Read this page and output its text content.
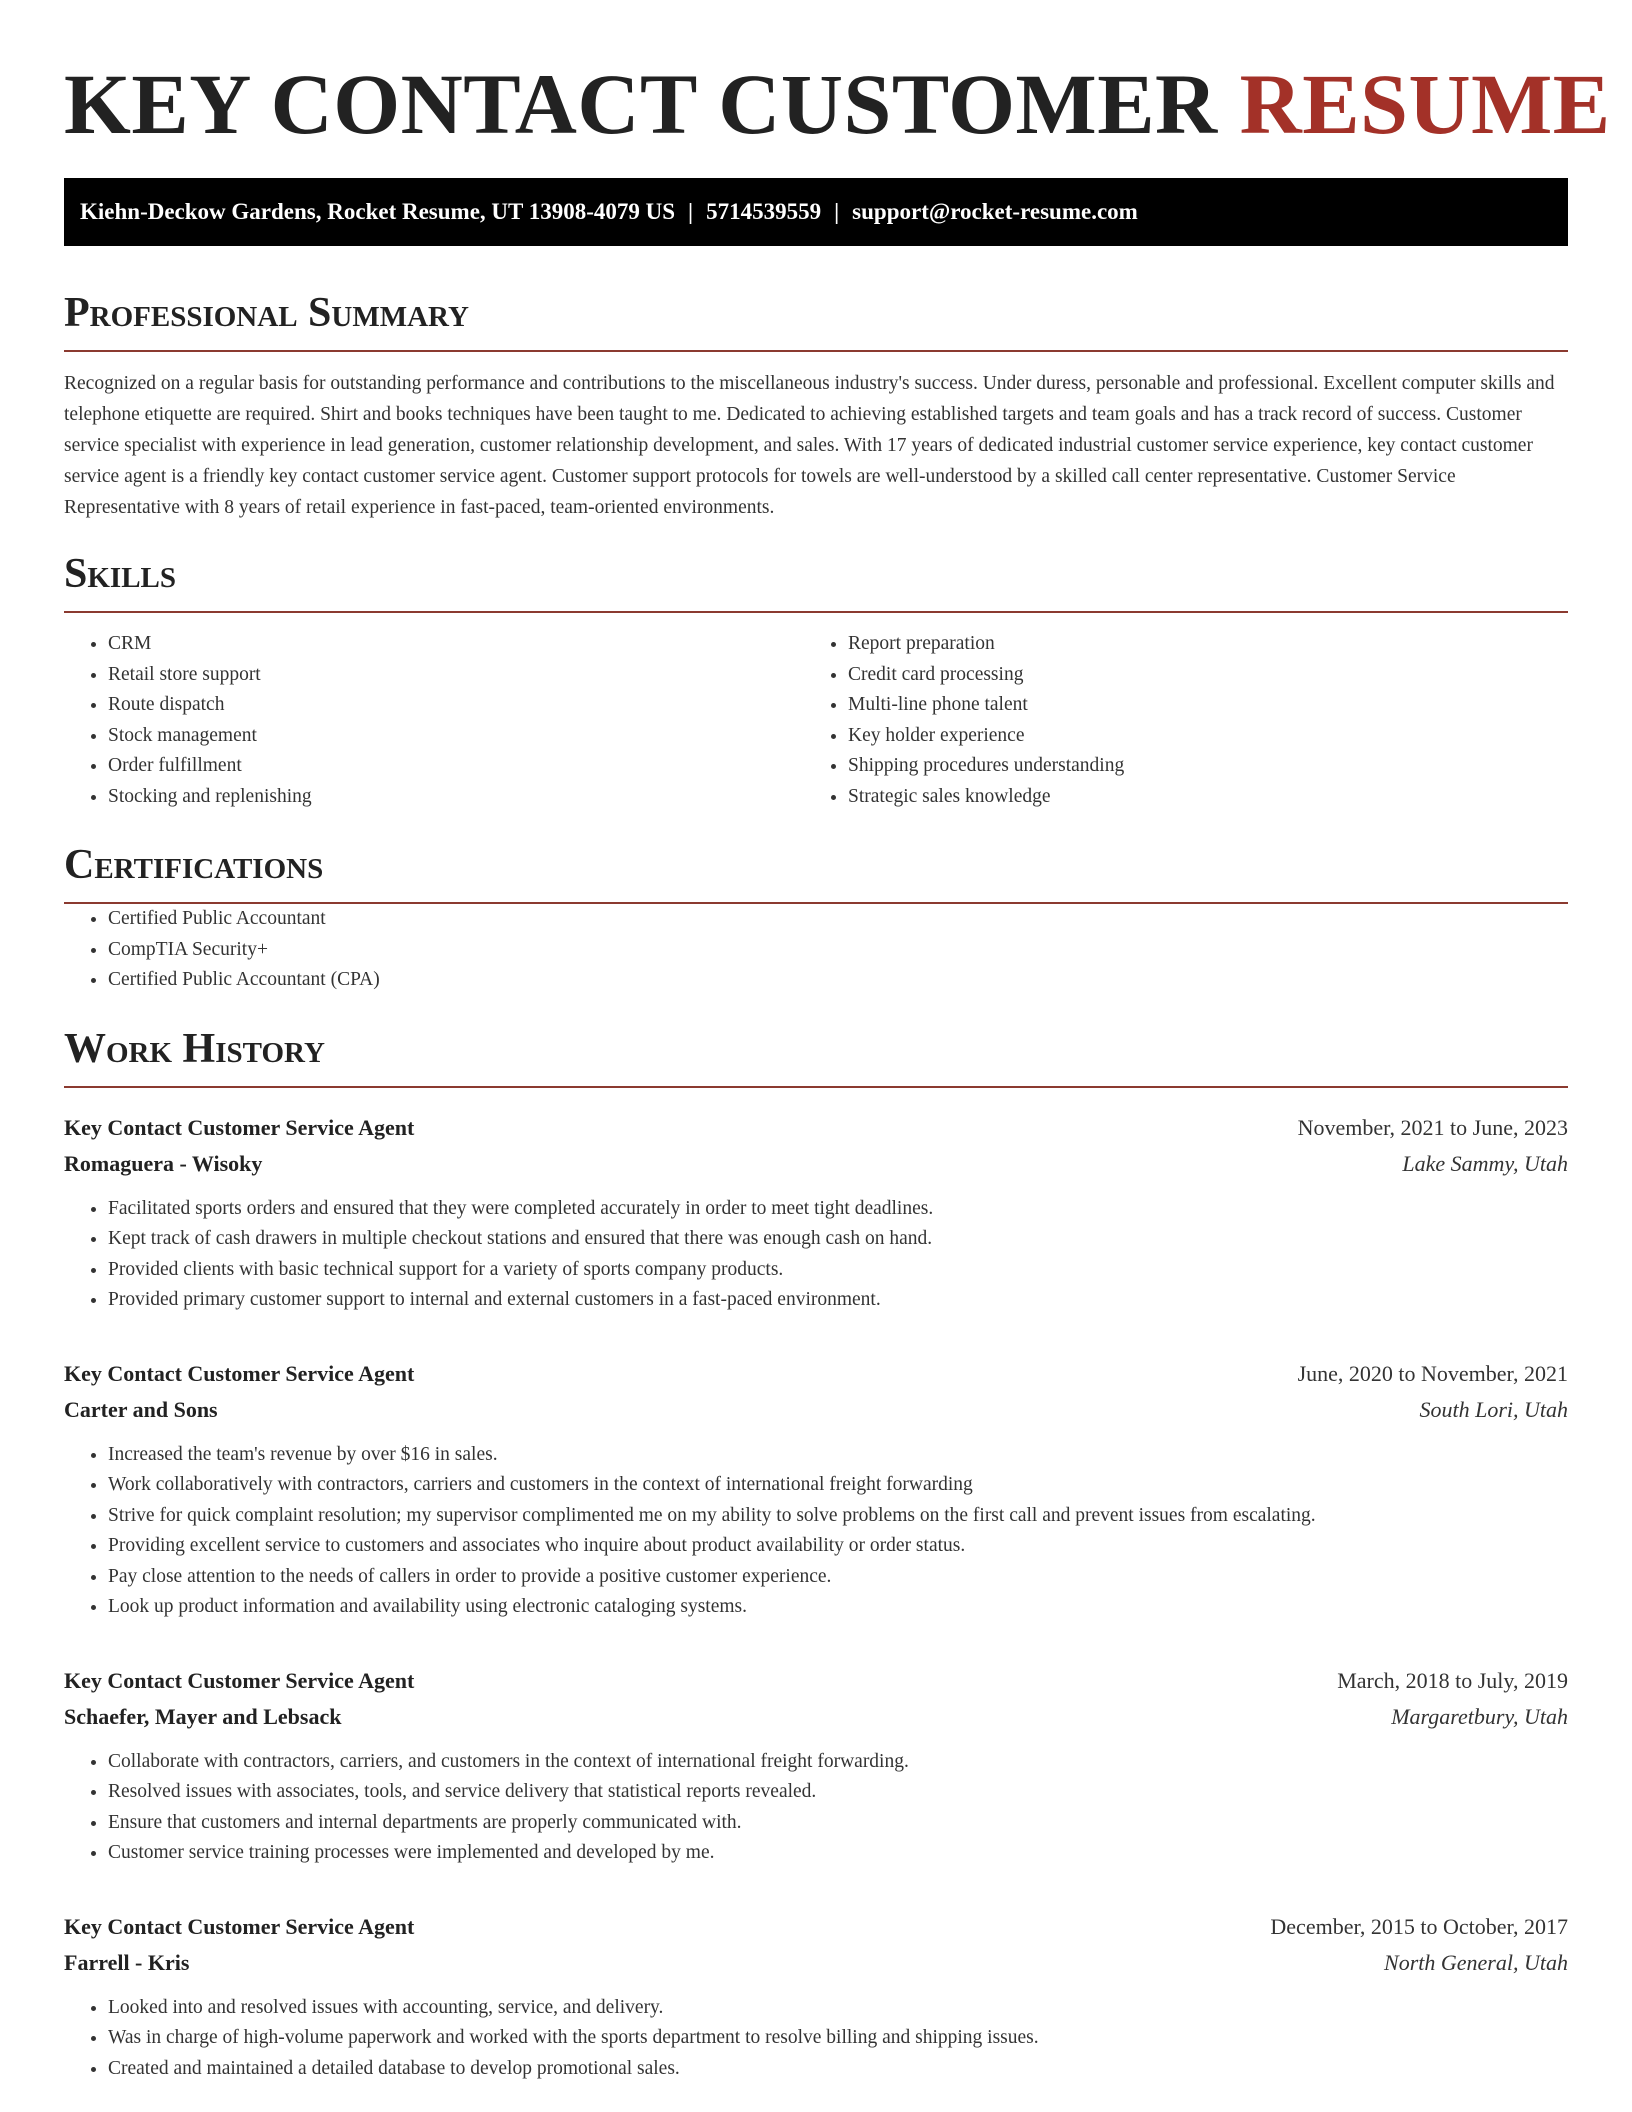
KEY CONTACT CUSTOMER RESUME
Kiehn-Deckow Gardens, Rocket Resume, UT 13908-4079 US | 5714539559 | support@rocket-resume.com
Professional Summary

Recognized on a regular basis for outstanding performance and contributions to the miscellaneous industry's success. Under duress, personable and professional. Excellent computer skills and telephone etiquette are required. Shirt and books techniques have been taught to me. Dedicated to achieving established targets and team goals and has a track record of success. Customer service specialist with experience in lead generation, customer relationship development, and sales. With 17 years of dedicated industrial customer service experience, key contact customer service agent is a friendly key contact customer service agent. Customer support protocols for towels are well-understood by a skilled call center representative. Customer Service Representative with 8 years of retail experience in fast-paced, team-oriented environments.

Skills
• CRM
• Retail store support
• Route dispatch
• Stock management
• Order fulfillment
• Stocking and replenishing
• Report preparation
• Credit card processing
• Multi-line phone talent
• Key holder experience
• Shipping procedures understanding
• Strategic sales knowledge
Certifications
• Certified Public Accountant
• CompTIA Security+
• Certified Public Accountant (CPA)
Work History
Key Contact Customer Service Agent	November, 2021 to June, 2023
Romaguera - Wisoky	Lake Sammy, Utah
• Facilitated sports orders and ensured that they were completed accurately in order to meet tight deadlines.
• Kept track of cash drawers in multiple checkout stations and ensured that there was enough cash on hand.
• Provided clients with basic technical support for a variety of sports company products.
• Provided primary customer support to internal and external customers in a fast-paced environment.
Key Contact Customer Service Agent	June, 2020 to November, 2021
Carter and Sons	South Lori, Utah
• Increased the team's revenue by over $16 in sales.
• Work collaboratively with contractors, carriers and customers in the context of international freight forwarding
• Strive for quick complaint resolution; my supervisor complimented me on my ability to solve problems on the first call and prevent issues from escalating.
• Providing excellent service to customers and associates who inquire about product availability or order status.
• Pay close attention to the needs of callers in order to provide a positive customer experience.
• Look up product information and availability using electronic cataloging systems.
Key Contact Customer Service Agent	March, 2018 to July, 2019
Schaefer, Mayer and Lebsack	Margaretbury, Utah
• Collaborate with contractors, carriers, and customers in the context of international freight forwarding.
• Resolved issues with associates, tools, and service delivery that statistical reports revealed.
• Ensure that customers and internal departments are properly communicated with.
• Customer service training processes were implemented and developed by me.
Key Contact Customer Service Agent	December, 2015 to October, 2017
Farrell - Kris	North General, Utah
• Looked into and resolved issues with accounting, service, and delivery.
• Was in charge of high-volume paperwork and worked with the sports department to resolve billing and shipping issues.
• Created and maintained a detailed database to develop promotional sales.
